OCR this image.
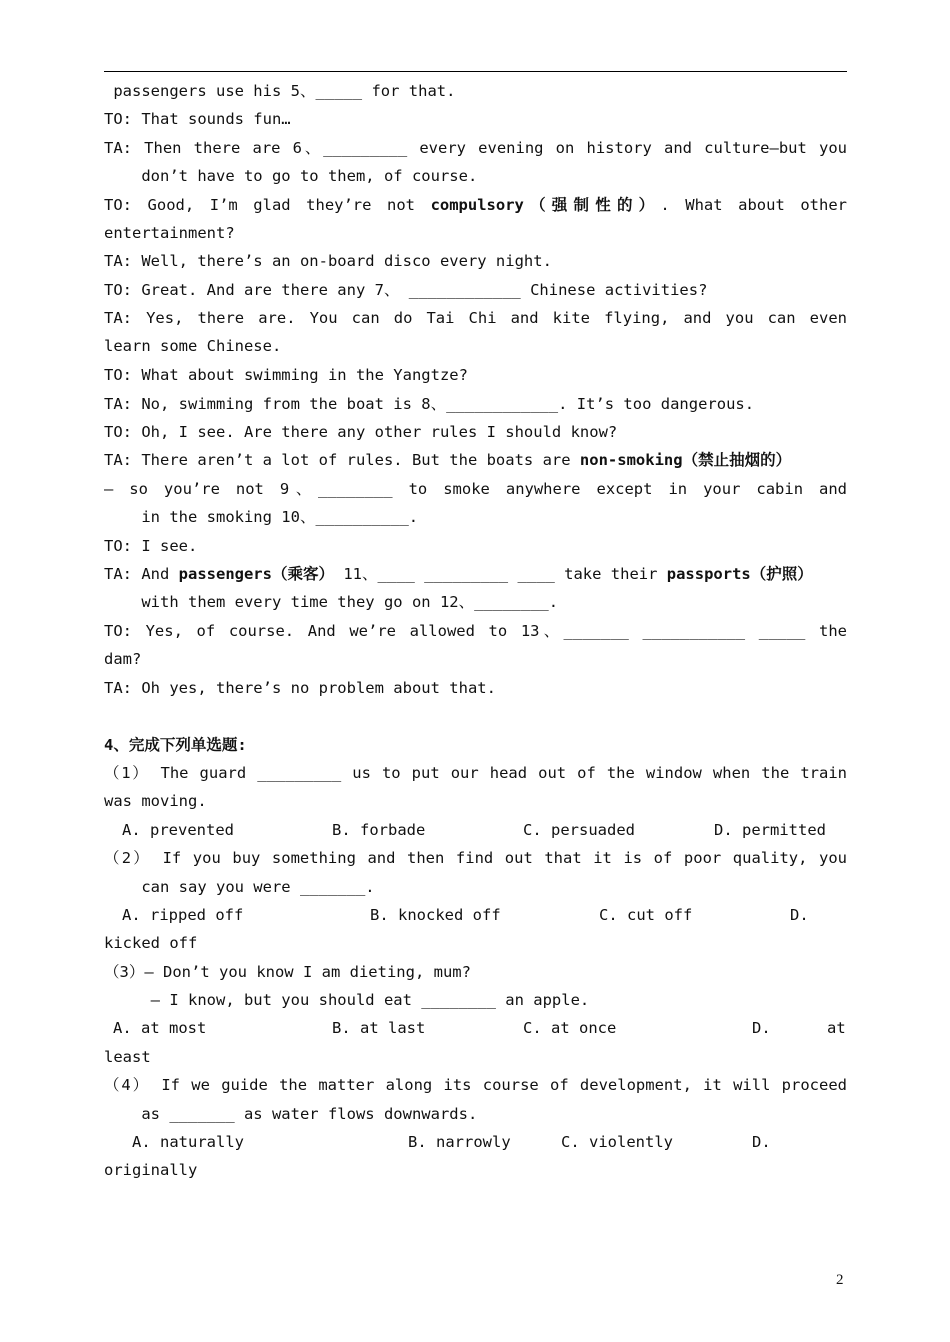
passengers use his 5、_____ for that.
TO: That sounds fun…
TA: Then there are 6、_________ every evening on history and culture—but you
don’t have to go to them, of course.
TO: Good, I’m glad they’re not compulsory（强制性的）. What about other
entertainment?
TA: Well, there’s an on-board disco every night.
TO: Great. And are there any 7、 ____________ Chinese activities?
TA: Yes, there are. You can do Tai Chi and kite flying, and you can even
learn some Chinese.
TO: What about swimming in the Yangtze?
TA: No, swimming from the boat is 8、____________. It’s too dangerous.
TO: Oh, I see. Are there any other rules I should know?
TA: There aren’t a lot of rules. But the boats are non-smoking（禁止抽烟的）
— so you’re not 9、________ to smoke anywhere except in your cabin and
in the smoking 10、__________.
TO: I see.
TA: And passengers（乘客） 11、____ _________ ____ take their passports（护照）
with them every time they go on 12、________.
TO: Yes, of course. And we’re allowed to 13、_______ ___________ _____ the
dam?
TA: Oh yes, there’s no problem about that.
4、完成下列单选题:
（1） The guard _________ us to put our head out of the window when the train
was moving.
A. prevented	B. forbade	C. persuaded	D. permitted
（2） If you buy something and then find out that it is of poor quality, you
can say you were _______.
A. ripped off	B. knocked off	C. cut off	D.
kicked off
（3）— Don’t you know I am dieting, mum?
— I know, but you should eat ________ an apple.
A. at most	B. at last	C. at once	D.	at
least
（4） If we guide the matter along its course of development, it will proceed
as _______ as water flows downwards.
A. naturally	B. narrowly	C. violently	D.
originally
2
